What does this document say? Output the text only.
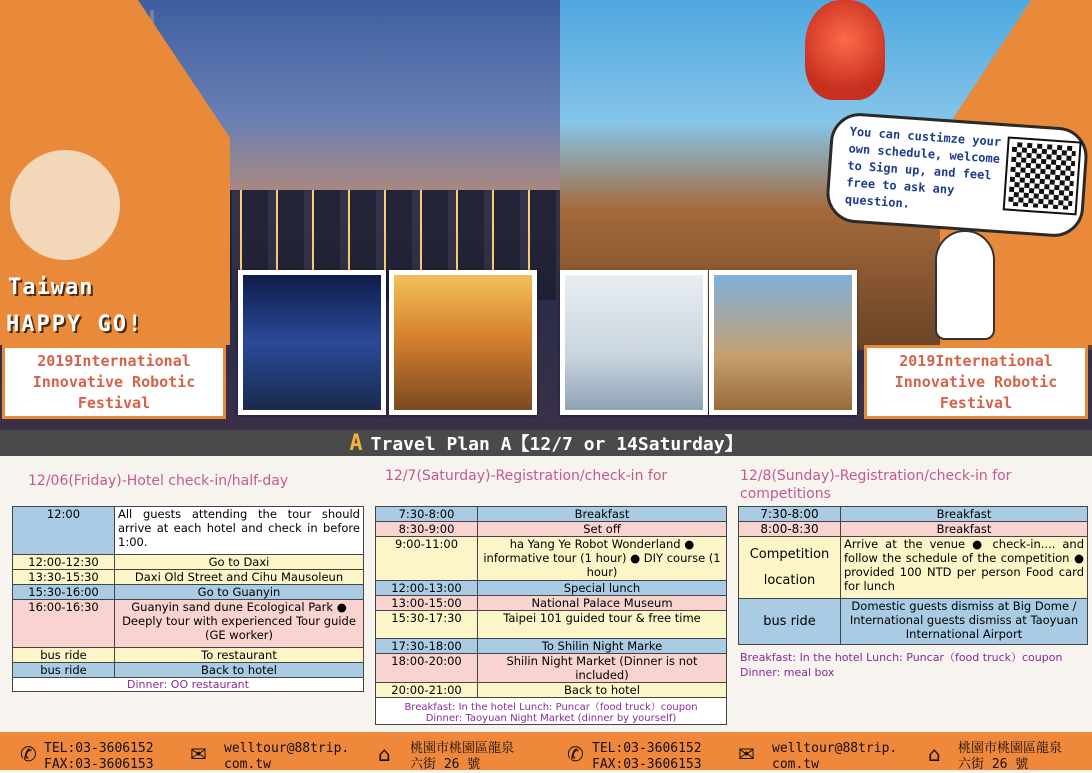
Taiwan
HAPPY GO!
You can custimze your own schedule, welcome to Sign up, and feel free to ask any question.
2019International
Innovative Robotic
Festival
2019International
Innovative Robotic
Festival
A Travel Plan A【12/7 or 14Saturday】
12/06(Friday)-Hotel check-in/half-day
12:00	All guests attending the tour should arrive at each hotel and check in before 1:00.
12:00-12:30	Go to Daxi
13:30-15:30	Daxi Old Street and Cihu Mausoleun
15:30-16:00	Go to Guanyin
16:00-16:30	Guanyin sand dune Ecological Park ● Deeply tour with experienced Tour guide (GE worker)
bus ride	To restaurant
bus ride	Back to hotel
Dinner: OO restaurant	
12/7(Saturday)-Registration/check-in for
7:30-8:00	Breakfast
8:30-9:00	Set off
9:00-11:00	ha Yang Ye Robot Wonderland ● informative tour (1 hour) ● DIY course (1 hour)
12:00-13:00	Special lunch
13:00-15:00	National Palace Museum
15:30-17:30	Taipei 101 guided tour & free time
17:30-18:00	To Shilin Night Marke
18:00-20:00	Shilin Night Market (Dinner is not included)
20:00-21:00	Back to hotel

Breakfast: In the hotel Lunch: Puncar（food truck）coupon
Dinner: Taoyuan Night Market (dinner by yourself)	
12/8(Sunday)-Registration/check-in for competitions
7:30-8:00	Breakfast
8:00-8:30	Breakfast
Competition location	Arrive at the venue ● check-in.... and follow the schedule of the competition ● provided 100 NTD per person Food card for lunch
bus ride	Domestic guests dismiss at Big Dome / International guests dismiss at Taoyuan International Airport
Breakfast: In the hotel Lunch: Puncar（food truck）coupon Dinner: meal box
✆ TEL:03-3606152
FAX:03-3606153 ✉ welltour@88trip.
com.tw	⌂ 桃園市桃園區龍泉
六街 26 號	✆ TEL:03-3606152
FAX:03-3606153 ✉ welltour@88trip.
com.tw	⌂ 桃園市桃園區龍泉
六街 26 號
